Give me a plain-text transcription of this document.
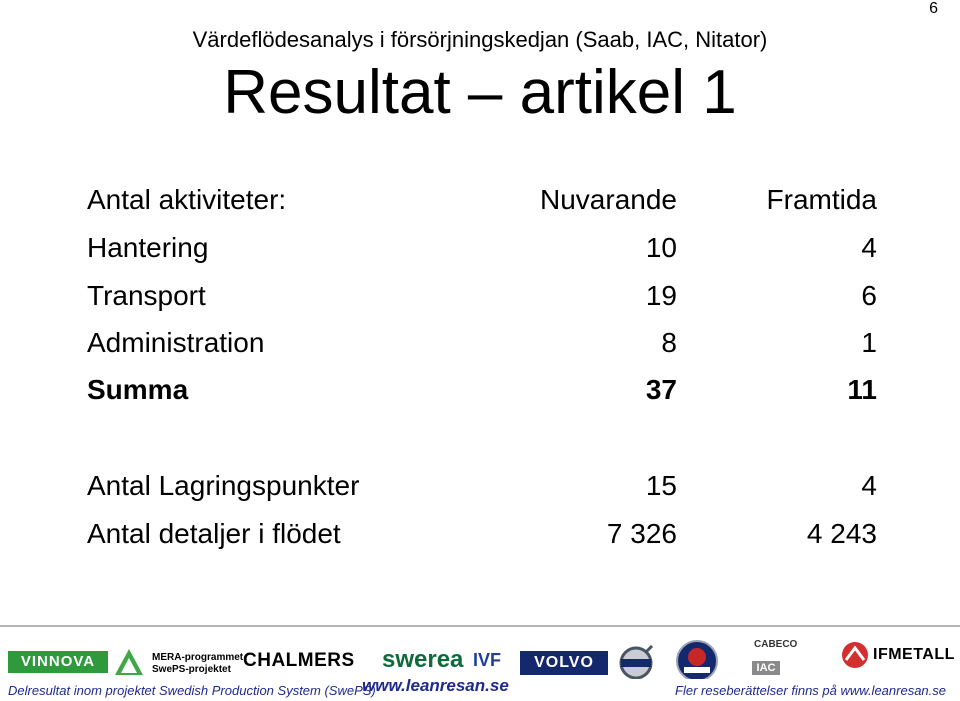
6
Värdeflödesanalys i försörjningskedjan (Saab, IAC, Nitator)
Resultat – artikel 1
Antal aktiviteter:	Nuvarande	Framtida
Hantering	10	4
Transport	19	6
Administration	8	1
Summa	37	11
Antal Lagringspunkter	15	4
Antal detaljer i flödet	7 326	4 243
VINNOVA	MERA-programmet
SwePS-projektet CHALMERS swerea IVF	VOLVO
CABECO
IAC
IFMETALL
Delresultat inom projektet Swedish Production System (SwePS)
www.leanresan.se	Fler reseberättelser finns på www.leanresan.se
